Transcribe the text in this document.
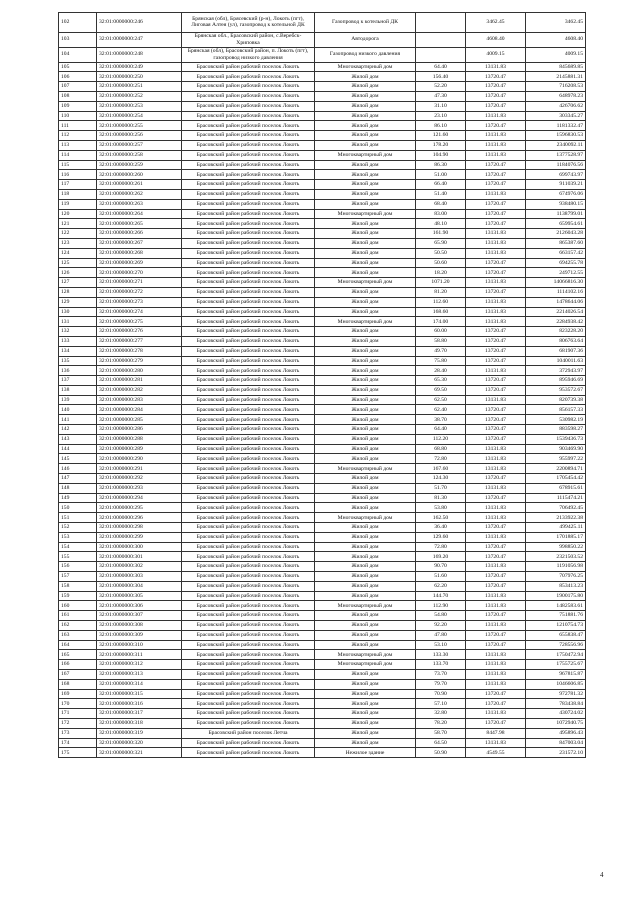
102	32:01:0000000:246	Брянская (обл), Брясевский (р-н), Локоть (пгт), Лиговая Алтея (ул), газопровод к котельной ДК	Газопровод к котельной ДК		3462.45	3462.45
103	32:01:0000000:247	Брянская обл., Брасовский район, с.Веребск-Хриповка	Автодорога		4608.40	4608.40
104	32:01:0000000:248	Брянская (обл), Брасовский район, п. Локоть (пгт), газопровод низкого давления	Газопровод низкого давления		4009.15	4009.15
105	32:01:0000000:249	Брасовский район рабочий поселок Локоть	Многоквартирный дом	64.40	13131.83	845689.85
106	32:01:0000000:250	Брасовский район рабочий поселок Локоть	Жилой дом	156.40	13720.47	2145881.31
107	32:01:0000000:251	Брасовский район рабочий поселок Локоть	Жилой дом	52.20	13720.47	716208.53
108	32:01:0000000:252	Брасовский район рабочий поселок Локоть	Жилой дом	47.30	13720.47	648978.23
109	32:01:0000000:253	Брасовский район рабочий поселок Локоть	Жилой дом	31.10	13720.47	426706.62
110	32:01:0000000:254	Брасовский район рабочий поселок Локоть	Жилой дом	23.10	13131.83	303345.27
111	32:01:0000000:255	Брасовский район рабочий поселок Локоть	Жилой дом	86.10	13720.47	1181332.47
112	32:01:0000000:256	Брасовский район рабочий поселок Локоть	Жилой дом	121.60	13131.83	1596830.53
113	32:01:0000000:257	Брасовский район рабочий поселок Локоть	Жилой дом	178.20	13131.83	2340092.11
114	32:01:0000000:258	Брасовский район рабочий поселок Локоть	Многоквартирный дом	104.90	13131.83	1377528.97
115	32:01:0000000:259	Брасовский район рабочий поселок Локоть	Жилой дом	86.30	13720.47	1184076.56
116	32:01:0000000:260	Брасовский район рабочий поселок Локоть	Жилой дом	51.00	13720.47	699743.97
117	32:01:0000000:261	Брасовский район рабочий поселок Локоть	Жилой дом	66.40	13720.47	911039.21
118	32:01:0000000:262	Брасовский район рабочий поселок Локоть	Жилой дом	51.40	13131.83	674976.06
119	32:01:0000000:263	Брасовский район рабочий поселок Локоть	Жилой дом	68.40	13720.47	938480.15
120	32:01:0000000:264	Брасовский район рабочий поселок Локоть	Многоквартирный дом	83.00	13720.47	1138799.01
121	32:01:0000000:265	Брасовский район рабочий поселок Локоть	Жилой дом	48.10	13720.47	659954.61
122	32:01:0000000:266	Брасовский район рабочий поселок Локоть	Жилой дом	161.90	13131.83	2126043.28
123	32:01:0000000:267	Брасовский район рабочий поселок Локоть	Жилой дом	65.90	13131.83	865387.60
124	32:01:0000000:268	Брасовский район рабочий поселок Локоть	Жилой дом	50.50	13131.83	663157.42
125	32:01:0000000:269	Брасовский район рабочий поселок Локоть	Жилой дом	50.60	13720.47	694255.78
126	32:01:0000000:270	Брасовский район рабочий поселок Локоть	Жилой дом	18.20	13720.47	249712.55
127	32:01:0000000:271	Брасовский район рабочий поселок Локоть	Многоквартирный дом	1071.20	13131.83	14066816.30
128	32:01:0000000:272	Брасовский район рабочий поселок Локоть	Жилой дом	81.20	13720.47	1114102.16
129	32:01:0000000:273	Брасовский район рабочий поселок Локоть	Жилой дом	112.60	13131.83	1478644.06
130	32:01:0000000:274	Брасовский район рабочий поселок Локоть	Жилой дом	168.60	13131.83	2214026.54
131	32:01:0000000:275	Брасовский район рабочий поселок Локоть	Многоквартирный дом	174.00	13131.83	2284938.42
132	32:01:0000000:276	Брасовский район рабочий поселок Локоть	Жилой дом	60.00	13720.47	823228.20
133	32:01:0000000:277	Брасовский район рабочий поселок Локоть	Жилой дом	58.80	13720.47	806763.64
134	32:01:0000000:278	Брасовский район рабочий поселок Локоть	Жилой дом	49.70	13720.47	681907.36
135	32:01:0000000:279	Брасовский район рабочий поселок Локоть	Жилой дом	75.80	13720.47	1040011.63
136	32:01:0000000:280	Брасовский район рабочий поселок Локоть	Жилой дом	28.40	13131.83	372943.97
137	32:01:0000000:281	Брасовский район рабочий поселок Локоть	Жилой дом	65.30	13720.47	895946.69
138	32:01:0000000:282	Брасовский район рабочий поселок Локоть	Жилой дом	69.50	13720.47	953572.67
139	32:01:0000000:283	Брасовский район рабочий поселок Локоть	Жилой дом	62.50	13131.83	820739.38
140	32:01:0000000:284	Брасовский район рабочий поселок Локоть	Жилой дом	62.40	13720.47	856157.33
141	32:01:0000000:285	Брасовский район рабочий поселок Локоть	Жилой дом	38.70	13720.47	530982.19
142	32:01:0000000:286	Брасовский район рабочий поселок Локоть	Жилой дом	64.40	13720.47	883598.27
143	32:01:0000000:288	Брасовский район рабочий поселок Локоть	Жилой дом	112.20	13720.47	1539436.73
144	32:01:0000000:289	Брасовский район рабочий поселок Локоть	Жилой дом	68.80	13131.83	903469.90
145	32:01:0000000:290	Брасовский район рабочий поселок Локоть	Жилой дом	72.80	13131.83	955997.22
146	32:01:0000000:291	Брасовский район рабочий поселок Локоть	Многоквартирный дом	167.60	13131.83	2200894.71
147	32:01:0000000:292	Брасовский район рабочий поселок Локоть	Жилой дом	124.30	13720.47	1705454.42
148	32:01:0000000:293	Брасовский район рабочий поселок Локоть	Жилой дом	51.70	13131.83	678915.61
149	32:01:0000000:294	Брасовский район рабочий поселок Локоть	Жилой дом	81.30	13720.47	1115474.21
150	32:01:0000000:295	Брасовский район рабочий поселок Локоть	Жилой дом	53.80	13131.83	706492.45
151	32:01:0000000:296	Брасовский район рабочий поселок Локоть	Многоквартирный дом	162.50	13131.83	2133922.38
152	32:01:0000000:298	Брасовский район рабочий поселок Локоть	Жилой дом	36.40	13720.47	499425.11
153	32:01:0000000:299	Брасовский район рабочий поселок Локоть	Жилой дом	129.60	13131.83	1701885.17
154	32:01:0000000:300	Брасовский район рабочий поселок Локоть	Жилой дом	72.80	13720.47	998850.22
155	32:01:0000000:301	Брасовский район рабочий поселок Локоть	Жилой дом	169.20	13720.47	2321503.52
156	32:01:0000000:302	Брасовский район рабочий поселок Локоть	Жилой дом	90.70	13131.83	1191056.98
157	32:01:0000000:303	Брасовский район рабочий поселок Локоть	Жилой дом	51.60	13720.47	707976.25
158	32:01:0000000:304	Брасовский район рабочий поселок Локоть	Жилой дом	62.20	13720.47	853413.23
159	32:01:0000000:305	Брасовский район рабочий поселок Локоть	Жилой дом	144.70	13131.83	1900175.80
160	32:01:0000000:306	Брасовский район рабочий поселок Локоть	Многоквартирный дом	112.90	13131.83	1482583.61
161	32:01:0000000:307	Брасовский район рабочий поселок Локоть	Жилой дом	54.80	13720.47	751881.76
162	32:01:0000000:308	Брасовский район рабочий поселок Локоть	Жилой дом	92.20	13131.83	1210754.73
163	32:01:0000000:309	Брасовский район рабочий поселок Локоть	Жилой дом	47.80	13720.47	655838.47
164	32:01:0000000:310	Брасовский район рабочий поселок Локоть	Жилой дом	53.10	13720.47	728556.96
165	32:01:0000000:311	Брасовский район рабочий поселок Локоть	Многоквартирный дом	133.30	13131.83	1750472.94
166	32:01:0000000:312	Брасовский район рабочий поселок Локоть	Многоквартирный дом	133.70	13131.83	1755725.67
167	32:01:0000000:313	Брасовский район рабочий поселок Локоть	Жилой дом	73.70	13131.83	967815.87
168	32:01:0000000:314	Брасовский район рабочий поселок Локоть	Жилой дом	79.70	13131.83	1046606.85
169	32:01:0000000:315	Брасовский район рабочий поселок Локоть	Жилой дом	70.90	13720.47	972781.32
170	32:01:0000000:316	Брасовский район рабочий поселок Локоть	Жилой дом	57.10	13720.47	783438.84
171	32:01:0000000:317	Брасовский район рабочий поселок Локоть	Жилой дом	32.80	13131.83	430724.02
172	32:01:0000000:318	Брасовский район рабочий поселок Локоть	Жилой дом	78.20	13720.47	1072940.75
173	32:01:0000000:319	Брасовский район поселок Летча	Жилой дом	58.70	8447.98	495896.43
174	32:01:0000000:320	Брасовский район рабочий поселок Локоть	Жилой дом	64.50	13131.83	847003.04
175	32:01:0000000:321	Брасовский район рабочий поселок Локоть	Нежилое здание	50.90	4549.55	231572.10
4
